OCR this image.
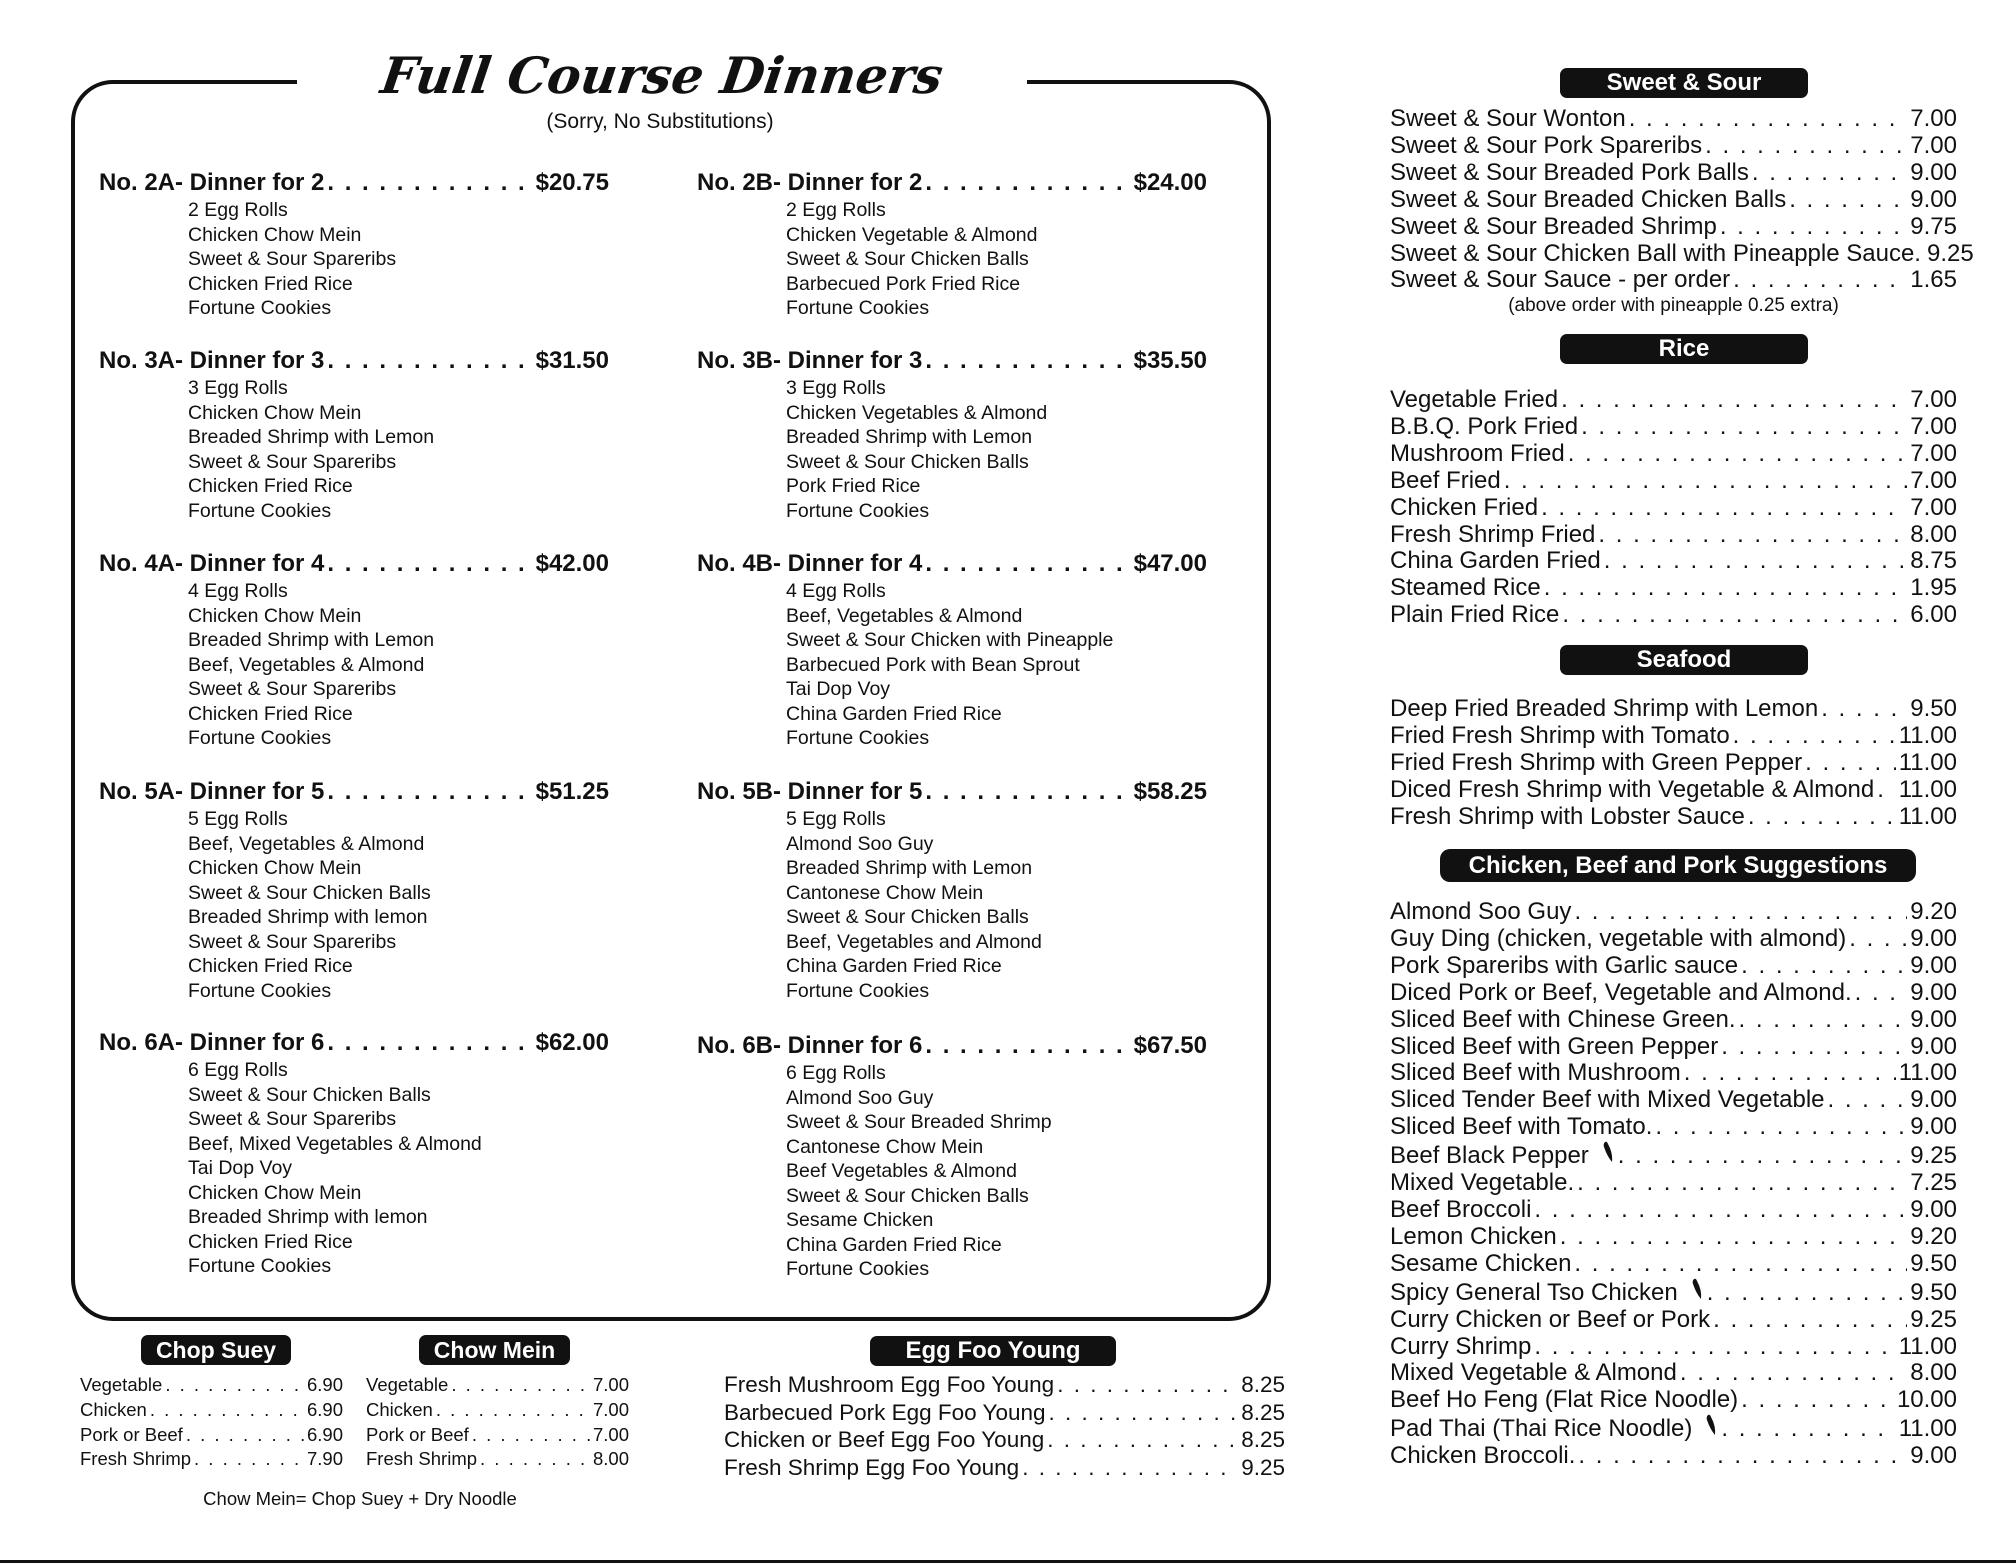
Full Course Dinners
(Sorry, No Substitutions)
No. 2A- Dinner for 2 . . .	$20.75
2 Egg Rolls
Chicken Chow Mein
Sweet & Sour Spareribs
Chicken Fried Rice
Fortune Cookies
No. 2B- Dinner for 2 . . .	$24.00
2 Egg Rolls
Chicken Vegetable & Almond
Sweet & Sour Chicken Balls
Barbecued Pork Fried Rice
Fortune Cookies
No. 3A- Dinner for 3 . . .	$31.50
3 Egg Rolls
Chicken Chow Mein
Breaded Shrimp with Lemon
Sweet & Sour Spareribs
Chicken Fried Rice
Fortune Cookies
No. 3B- Dinner for 3 . . .	$35.50
3 Egg Rolls
Chicken Vegetables & Almond
Breaded Shrimp with Lemon
Sweet & Sour Chicken Balls
Pork Fried Rice
Fortune Cookies
No. 4A- Dinner for 4 . . .	$42.00
4 Egg Rolls
Chicken Chow Mein
Breaded Shrimp with Lemon
Beef, Vegetables & Almond
Sweet & Sour Spareribs
Chicken Fried Rice
Fortune Cookies
No. 4B- Dinner for 4 . . .	$47.00
4 Egg Rolls
Beef, Vegetables & Almond
Sweet & Sour Chicken with Pineapple
Barbecued Pork with Bean Sprout
Tai Dop Voy
China Garden Fried Rice
Fortune Cookies
No. 5A- Dinner for 5 . . .	$51.25
5 Egg Rolls
Beef, Vegetables & Almond
Chicken Chow Mein
Sweet & Sour Chicken Balls
Breaded Shrimp with lemon
Sweet & Sour Spareribs
Chicken Fried Rice
Fortune Cookies
No. 5B- Dinner for 5 . . .	$58.25
5 Egg Rolls
Almond Soo Guy
Breaded Shrimp with Lemon
Cantonese Chow Mein
Sweet & Sour Chicken Balls
Beef, Vegetables and Almond
China Garden Fried Rice
Fortune Cookies
No. 6A- Dinner for 6 . . .	$62.00
6 Egg Rolls
Sweet & Sour Chicken Balls
Sweet & Sour Spareribs
Beef, Mixed Vegetables & Almond
Tai Dop Voy
Chicken Chow Mein
Breaded Shrimp with lemon
Chicken Fried Rice
Fortune Cookies
No. 6B- Dinner for 6 . . .	$67.50
6 Egg Rolls
Almond Soo Guy
Sweet & Sour Breaded Shrimp
Cantonese Chow Mein
Beef Vegetables & Almond
Sweet & Sour Chicken Balls
Sesame Chicken
China Garden Fried Rice
Fortune Cookies
Sweet & Sour
Sweet & Sour Wonton . . .	7.00
Sweet & Sour Pork Spareribs . . .	7.00
Sweet & Sour Breaded Pork Balls . . .	9.00
Sweet & Sour Breaded Chicken Balls . . .	9.00
Sweet & Sour Breaded Shrimp . . .	9.75
Sweet & Sour Chicken Ball with Pineapple Sauce. 9.25
Sweet & Sour Sauce - per order . . .	1.65
(above order with pineapple 0.25 extra)
Rice
Vegetable Fried . . .	7.00
B.B.Q. Pork Fried . . .	7.00
Mushroom Fried . . .	7.00
Beef Fried . . .	7.00
Chicken Fried . . .	7.00
Fresh Shrimp Fried . . .	8.00
China Garden Fried . . .	8.75
Steamed Rice . . .	1.95
Plain Fried Rice . . .	6.00
Seafood
Deep Fried Breaded Shrimp with Lemon . . .	9.50
Fried Fresh Shrimp with Tomato . . .	11.00
Fried Fresh Shrimp with Green Pepper . . .	11.00
Diced Fresh Shrimp with Vegetable & Almond . . . 11.00
Fresh Shrimp with Lobster Sauce . . .	11.00
Chicken, Beef and Pork Suggestions
Almond Soo Guy . . .	9.20
Guy Ding (chicken, vegetable with almond) . . .	9.00
Pork Spareribs with Garlic sauce . . .	9.00
Diced Pork or Beef, Vegetable and Almond. . . . 9.00
Sliced Beef with Chinese Green. . . .	9.00
Sliced Beef with Green Pepper . . .	9.00
Sliced Beef with Mushroom . . .	11.00
Sliced Tender Beef with Mixed Vegetable . . .	9.00
Sliced Beef with Tomato. . . .	9.00
Beef Black Pepper . . .	9.25
Mixed Vegetable. . . .	7.25
Beef Broccoli . . .	9.00
Lemon Chicken . . .	9.20
Sesame Chicken . . .	9.50
Spicy General Tso Chicken . . .	9.50
Curry Chicken or Beef or Pork . . .	9.25
Curry Shrimp . . .	11.00
Mixed Vegetable & Almond . . .	8.00
Beef Ho Feng (Flat Rice Noodle) . . .	10.00
Pad Thai (Thai Rice Noodle) . . .	11.00
Chicken Broccoli. . . .	9.00
Chop Suey
Vegetable . . .	6.90
Chicken . . .	6.90
Pork or Beef . . .	6.90
Fresh Shrimp . . .	7.90
Chow Mein
Vegetable . . .	7.00
Chicken . . .	7.00
Pork or Beef . . .	7.00
Fresh Shrimp . . .	8.00
Chow Mein= Chop Suey + Dry Noodle
Egg Foo Young
Fresh Mushroom Egg Foo Young . . .	8.25
Barbecued Pork Egg Foo Young . . .	8.25
Chicken or Beef Egg Foo Young . . .	8.25
Fresh Shrimp Egg Foo Young . . .	9.25
